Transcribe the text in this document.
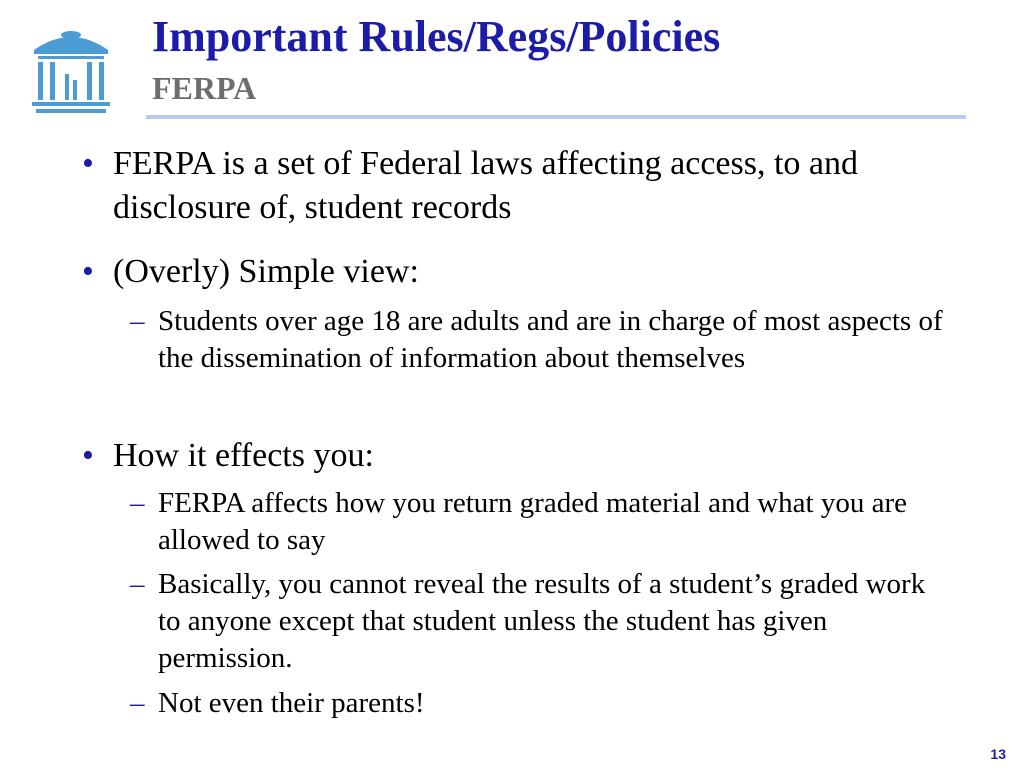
Important Rules/Regs/Policies
FERPA
• FERPA is a set of Federal laws affecting access, to and disclosure of, student records
• (Overly) Simple view:
– Students over age 18 are adults and are in charge of most aspects of the dissemination of information about themselves
• How it effects you:
– FERPA affects how you return graded material and what you are allowed to say
– Basically, you cannot reveal the results of a student’s graded work to anyone except that student unless the student has given permission.
– Not even their parents!
13
